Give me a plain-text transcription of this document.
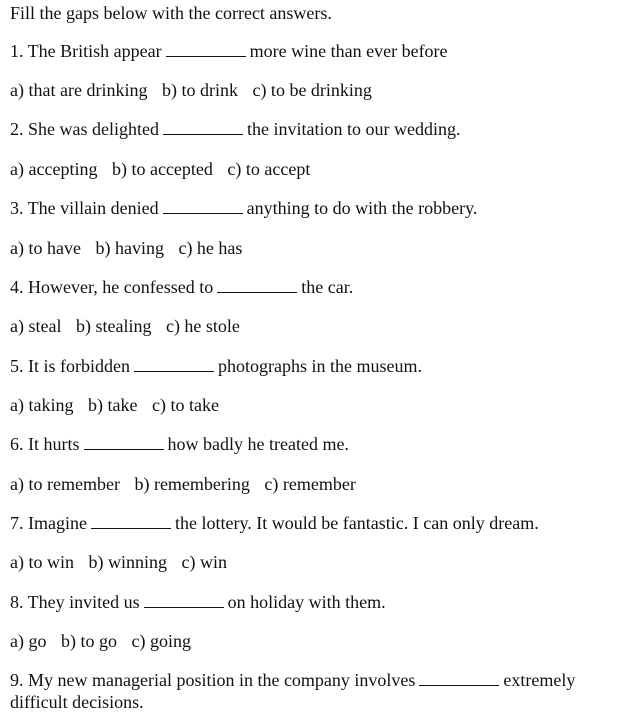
Fill the gaps below with the correct answers.
1. The British appear	more wine than ever before
a) that are drinking b) to drink c) to be drinking
2. She was delighted	the invitation to our wedding.
a) accepting b) to accepted c) to accept
3. The villain denied	anything to do with the robbery.
a) to have b) having c) he has
4. However, he confessed to	the car.
a) steal b) stealing c) he stole
5. It is forbidden	photographs in the museum.
a) taking b) take c) to take
6. It hurts	how badly he treated me.
a) to remember b) remembering c) remember
7. Imagine	the lottery. It would be fantastic. I can only dream.
a) to win b) winning c) win
8. They invited us	on holiday with them.
a) go b) to go c) going
9. My new managerial position in the company involves	extremely difficult decisions.
